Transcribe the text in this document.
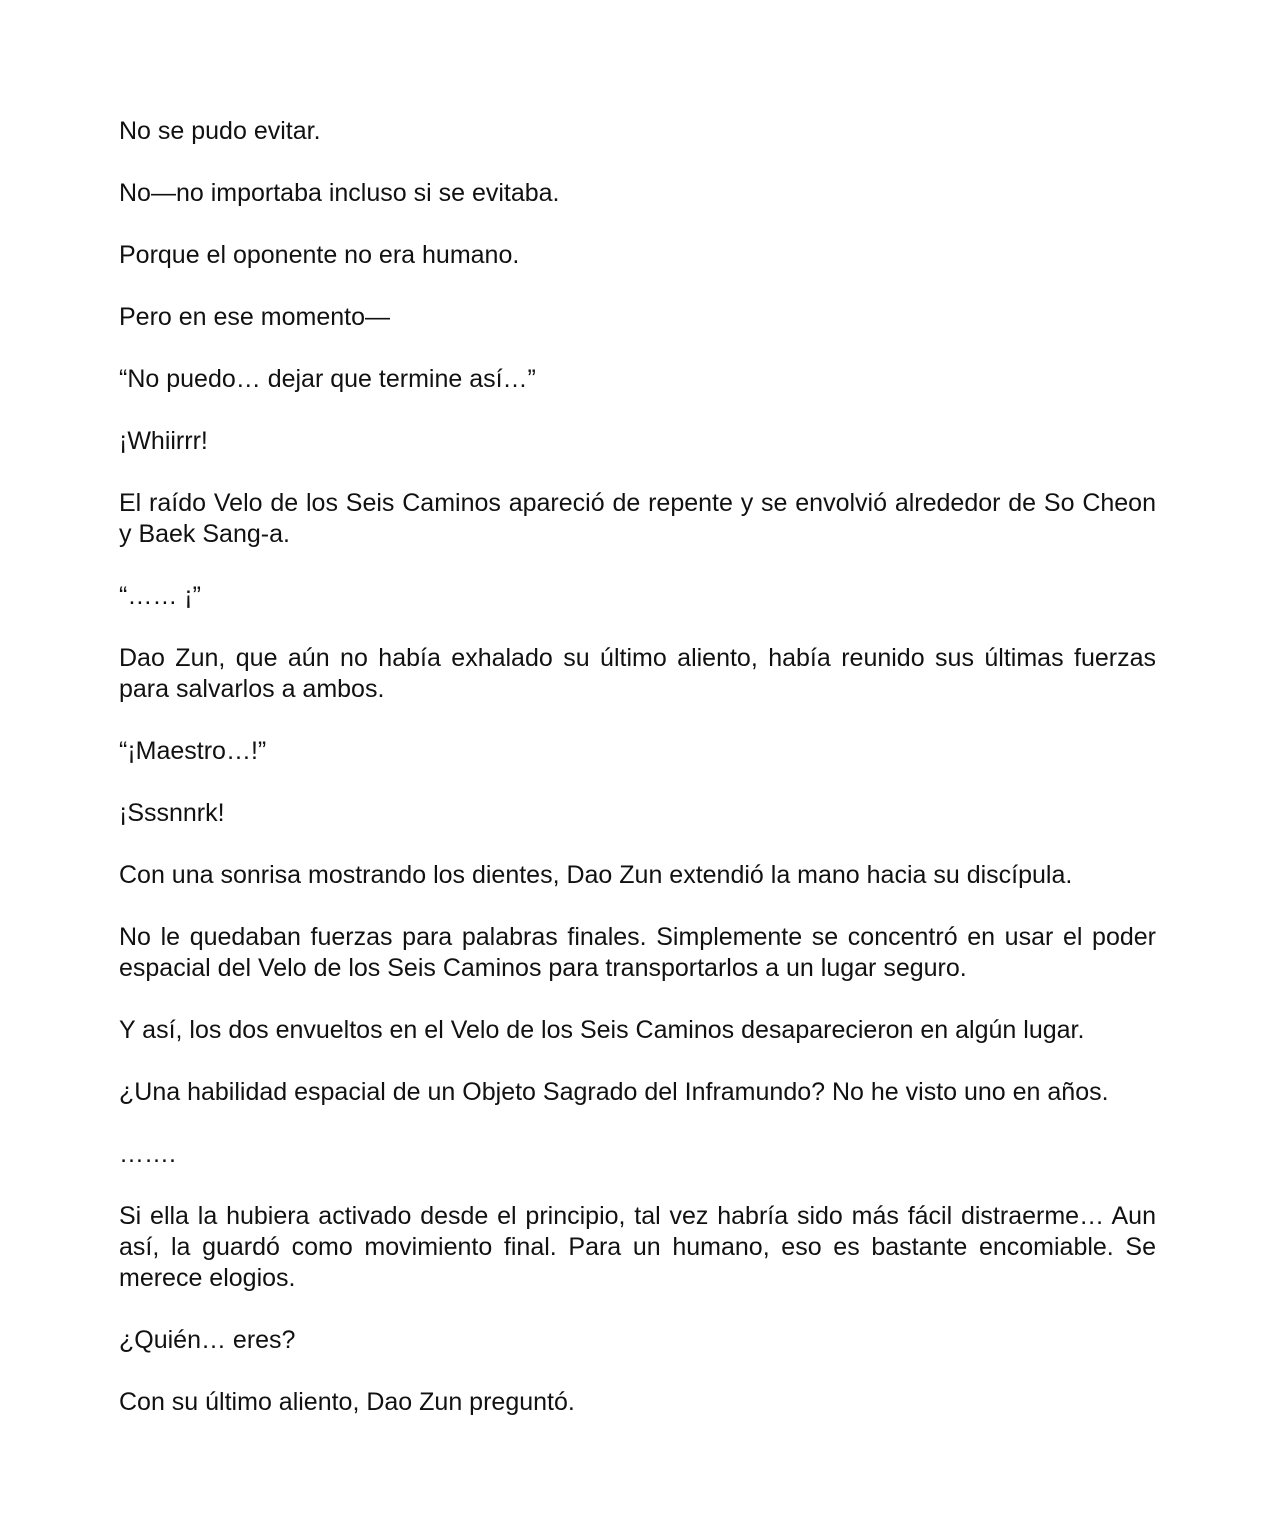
No se pudo evitar.

No—no importaba incluso si se evitaba.

Porque el oponente no era humano.

Pero en ese momento—

“No puedo… dejar que termine así…”

¡Whiirrr!

El raído Velo de los Seis Caminos apareció de repente y se envolvió alrededor de So Cheon y Baek Sang-a.

“…… ¡”

Dao Zun, que aún no había exhalado su último aliento, había reunido sus últimas fuerzas para salvarlos a ambos.

“¡Maestro…!”

¡Sssnnrk!

Con una sonrisa mostrando los dientes, Dao Zun extendió la mano hacia su discípula.

No le quedaban fuerzas para palabras finales. Simplemente se concentró en usar el poder espacial del Velo de los Seis Caminos para transportarlos a un lugar seguro.

Y así, los dos envueltos en el Velo de los Seis Caminos desaparecieron en algún lugar.

¿Una habilidad espacial de un Objeto Sagrado del Inframundo? No he visto uno en años.

…….

Si ella la hubiera activado desde el principio, tal vez habría sido más fácil distraerme… Aun así, la guardó como movimiento final. Para un humano, eso es bastante encomiable. Se merece elogios.

¿Quién… eres?

Con su último aliento, Dao Zun preguntó.
